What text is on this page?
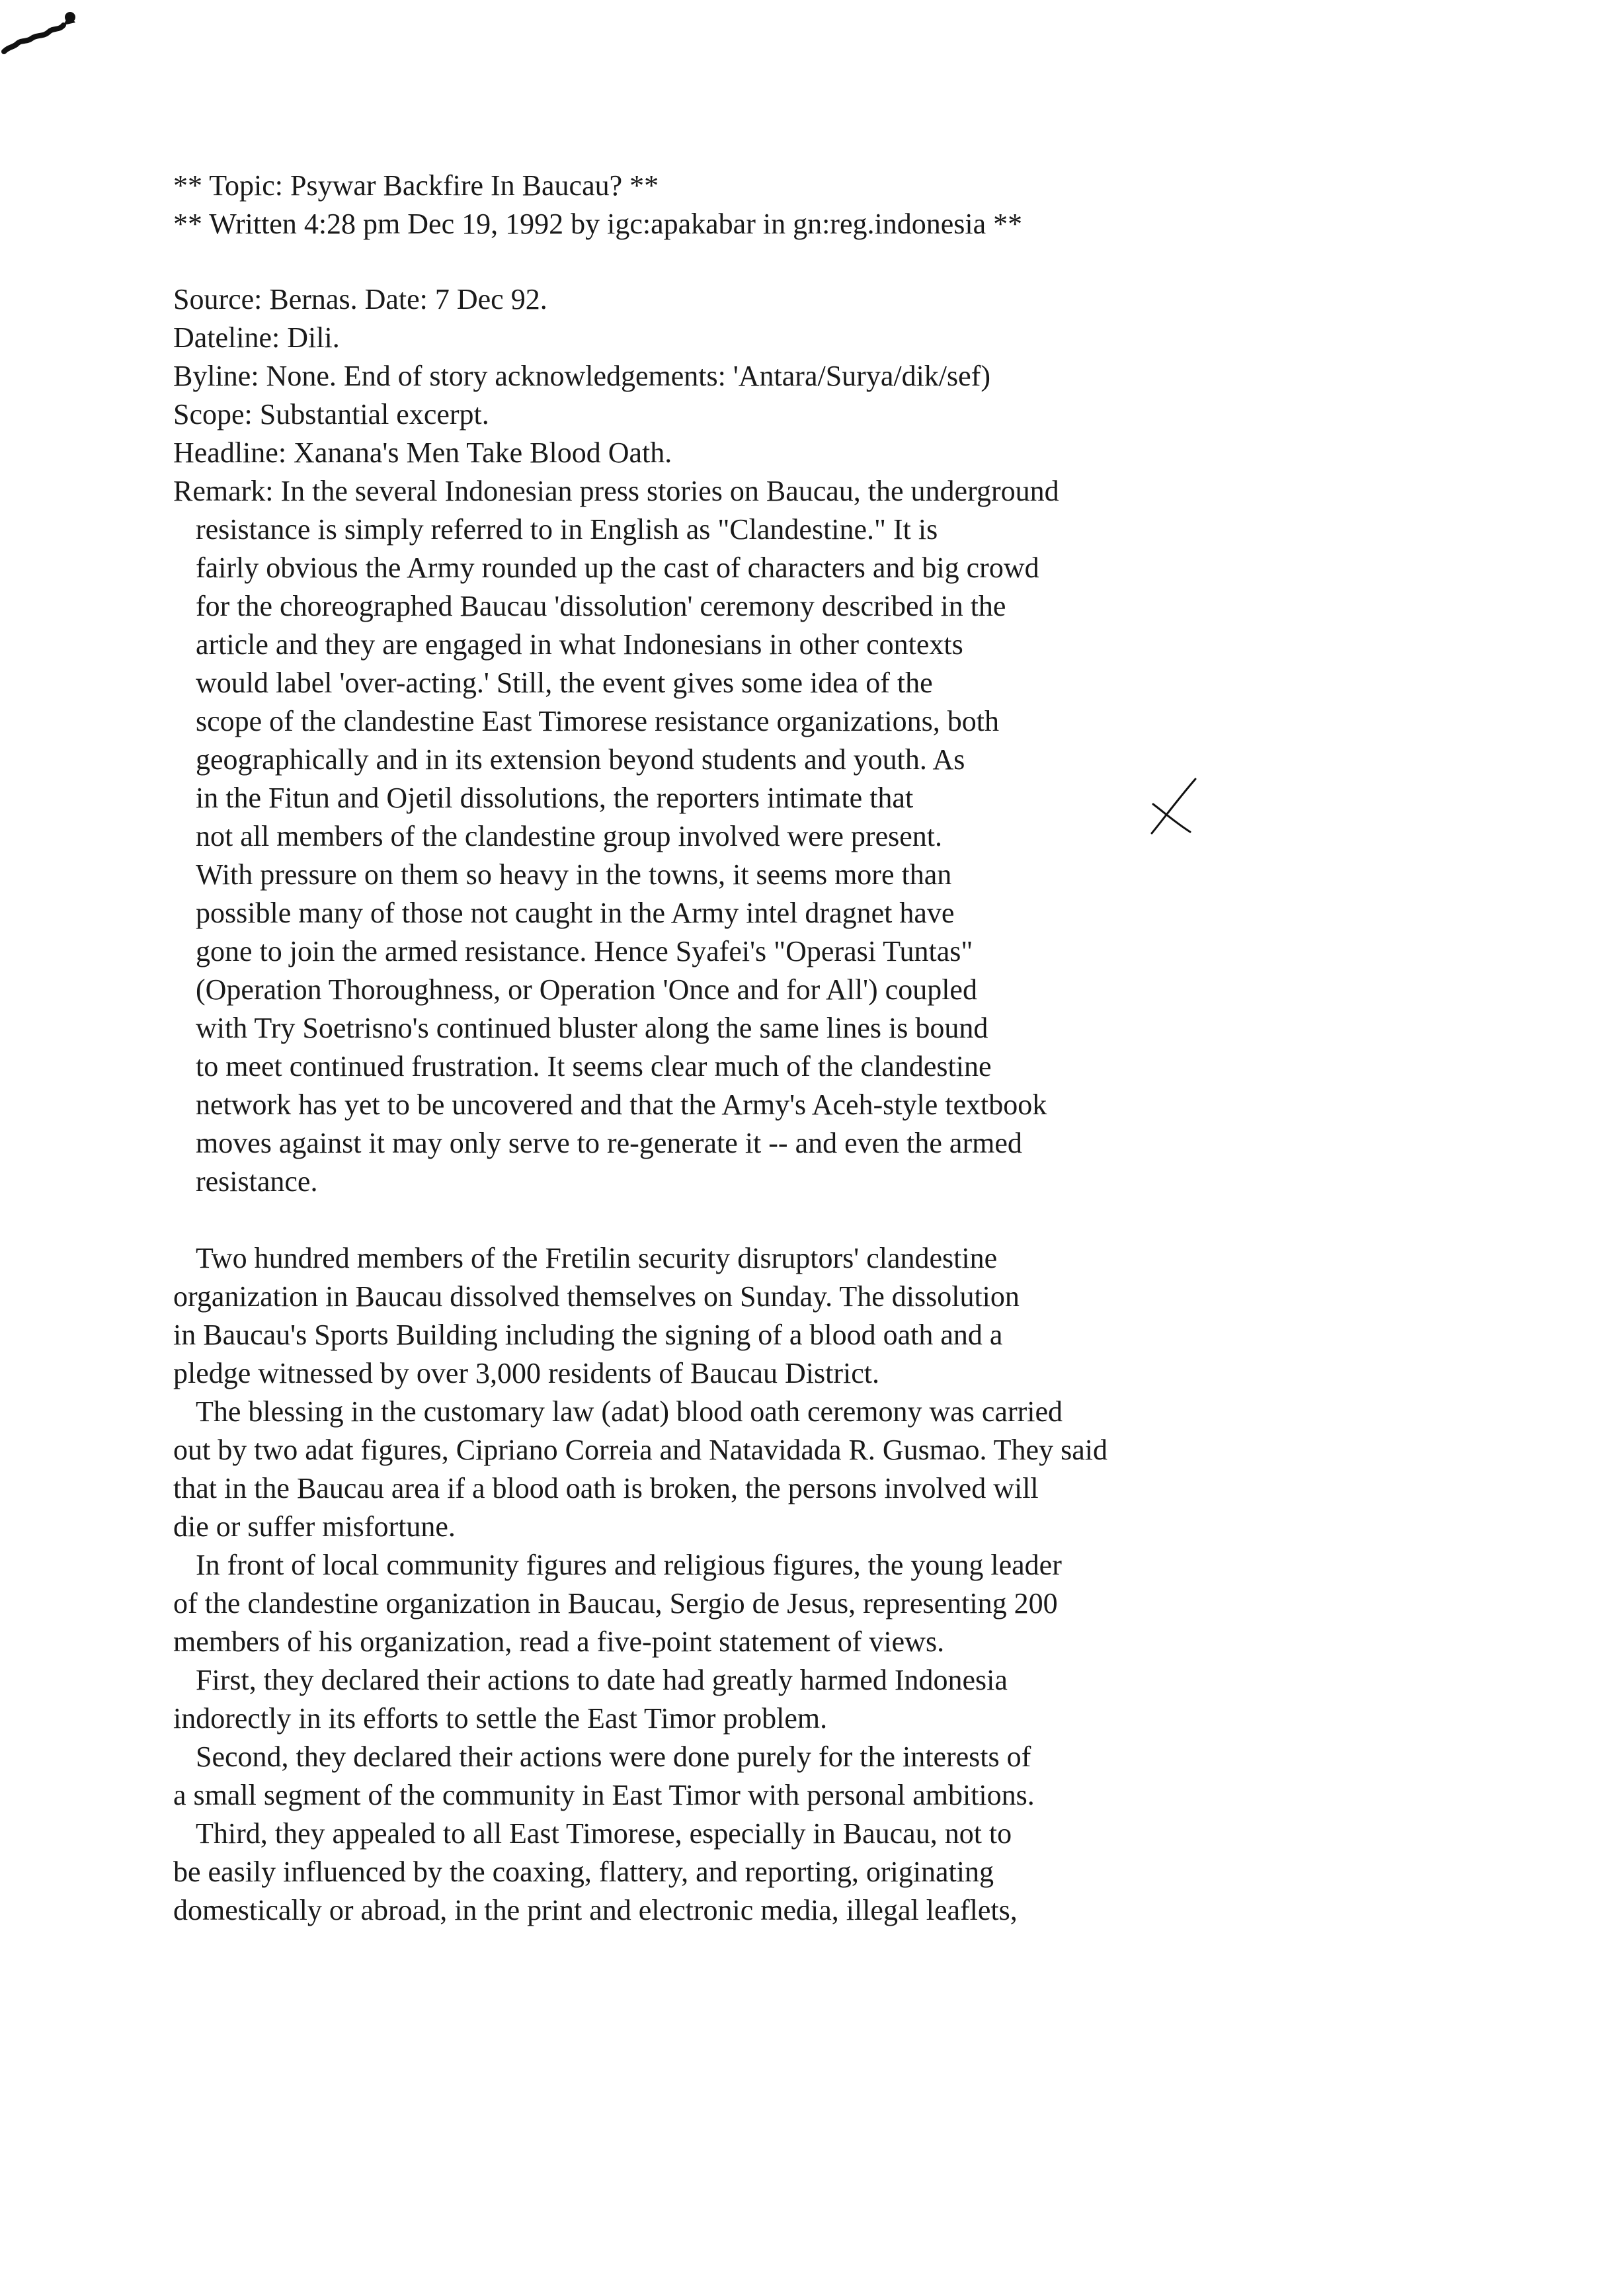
** Topic: Psywar Backfire In Baucau? **
** Written 4:28 pm Dec 19, 1992 by igc:apakabar in gn:reg.indonesia **
Source: Bernas. Date: 7 Dec 92.
Dateline: Dili.
Byline: None. End of story acknowledgements: 'Antara/Surya/dik/sef)
Scope: Substantial excerpt.
Headline: Xanana's Men Take Blood Oath.
Remark: In the several Indonesian press stories on Baucau, the underground
resistance is simply referred to in English as "Clandestine." It is
fairly obvious the Army rounded up the cast of characters and big crowd
for the choreographed Baucau 'dissolution' ceremony described in the
article and they are engaged in what Indonesians in other contexts
would label 'over-acting.' Still, the event gives some idea of the
scope of the clandestine East Timorese resistance organizations, both
geographically and in its extension beyond students and youth. As
in the Fitun and Ojetil dissolutions, the reporters intimate that
not all members of the clandestine group involved were present.
With pressure on them so heavy in the towns, it seems more than
possible many of those not caught in the Army intel dragnet have
gone to join the armed resistance. Hence Syafei's "Operasi Tuntas"
(Operation Thoroughness, or Operation 'Once and for All') coupled
with Try Soetrisno's continued bluster along the same lines is bound
to meet continued frustration. It seems clear much of the clandestine
network has yet to be uncovered and that the Army's Aceh-style textbook
moves against it may only serve to re-generate it -- and even the armed
resistance.
Two hundred members of the Fretilin security disruptors' clandestine
organization in Baucau dissolved themselves on Sunday. The dissolution
in Baucau's Sports Building including the signing of a blood oath and a
pledge witnessed by over 3,000 residents of Baucau District.
The blessing in the customary law (adat) blood oath ceremony was carried
out by two adat figures, Cipriano Correia and Natavidada R. Gusmao. They said
that in the Baucau area if a blood oath is broken, the persons involved will
die or suffer misfortune.
In front of local community figures and religious figures, the young leader
of the clandestine organization in Baucau, Sergio de Jesus, representing 200
members of his organization, read a five-point statement of views.
First, they declared their actions to date had greatly harmed Indonesia
indorectly in its efforts to settle the East Timor problem.
Second, they declared their actions were done purely for the interests of
a small segment of the community in East Timor with personal ambitions.
Third, they appealed to all East Timorese, especially in Baucau, not to
be easily influenced by the coaxing, flattery, and reporting, originating
domestically or abroad, in the print and electronic media, illegal leaflets,
